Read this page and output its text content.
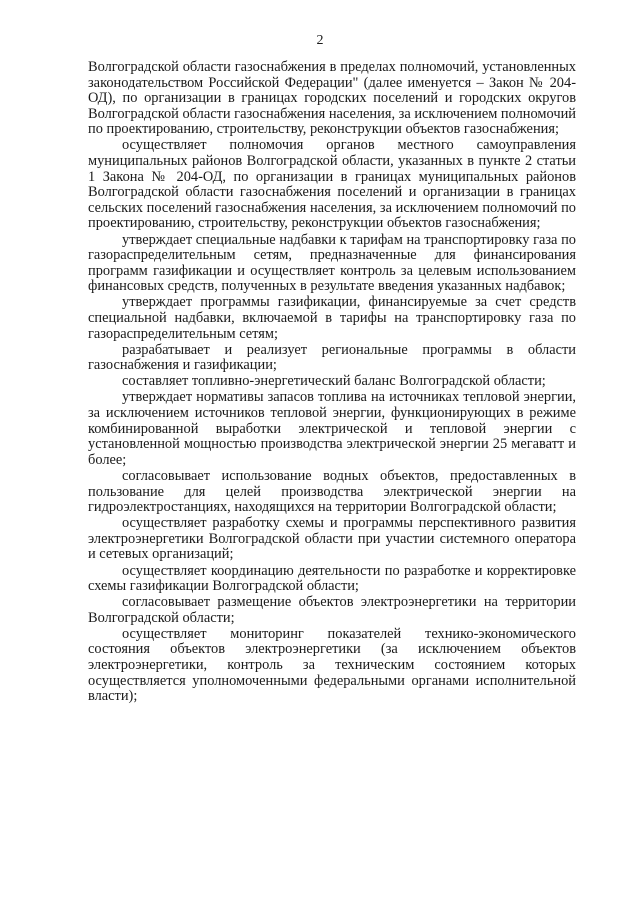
2

Волгоградской области газоснабжения в пределах полномочий, установленных законодательством Российской Федерации" (далее именуется – Закон № 204-ОД), по организации в границах городских поселений и городских округов Волгоградской области газоснабжения населения, за исключением полномочий по проектированию, строительству, реконструкции объектов газоснабжения;

осуществляет полномочия органов местного самоуправления муниципальных районов Волгоградской области, указанных в пункте 2 статьи 1 Закона № 204-ОД, по организации в границах муниципальных районов Волгоградской области газоснабжения поселений и организации в границах сельских поселений газоснабжения населения, за исключением полномочий по проектированию, строительству, реконструкции объектов газоснабжения;

утверждает специальные надбавки к тарифам на транспортировку газа по газораспределительным сетям, предназначенные для финансирования программ газификации и осуществляет контроль за целевым использованием финансовых средств, полученных в результате введения указанных надбавок;

утверждает программы газификации, финансируемые за счет средств специальной надбавки, включаемой в тарифы на транспортировку газа по газораспределительным сетям;

разрабатывает и реализует региональные программы в области газоснабжения и газификации;

составляет топливно-энергетический баланс Волгоградской области;

утверждает нормативы запасов топлива на источниках тепловой энергии, за исключением источников тепловой энергии, функционирующих в режиме комбинированной выработки электрической и тепловой энергии с установленной мощностью производства электрической энергии 25 мегаватт и более;

согласовывает использование водных объектов, предоставленных в пользование для целей производства электрической энергии на гидроэлектростанциях, находящихся на территории Волгоградской области;

осуществляет разработку схемы и программы перспективного развития электроэнергетики Волгоградской области при участии системного оператора и сетевых организаций;

осуществляет координацию деятельности по разработке и корректировке схемы газификации Волгоградской области;

согласовывает размещение объектов электроэнергетики на территории Волгоградской области;

осуществляет мониторинг показателей технико-экономического состояния объектов электроэнергетики (за исключением объектов электроэнергетики, контроль за техническим состоянием которых осуществляется уполномоченными федеральными органами исполнительной власти);
